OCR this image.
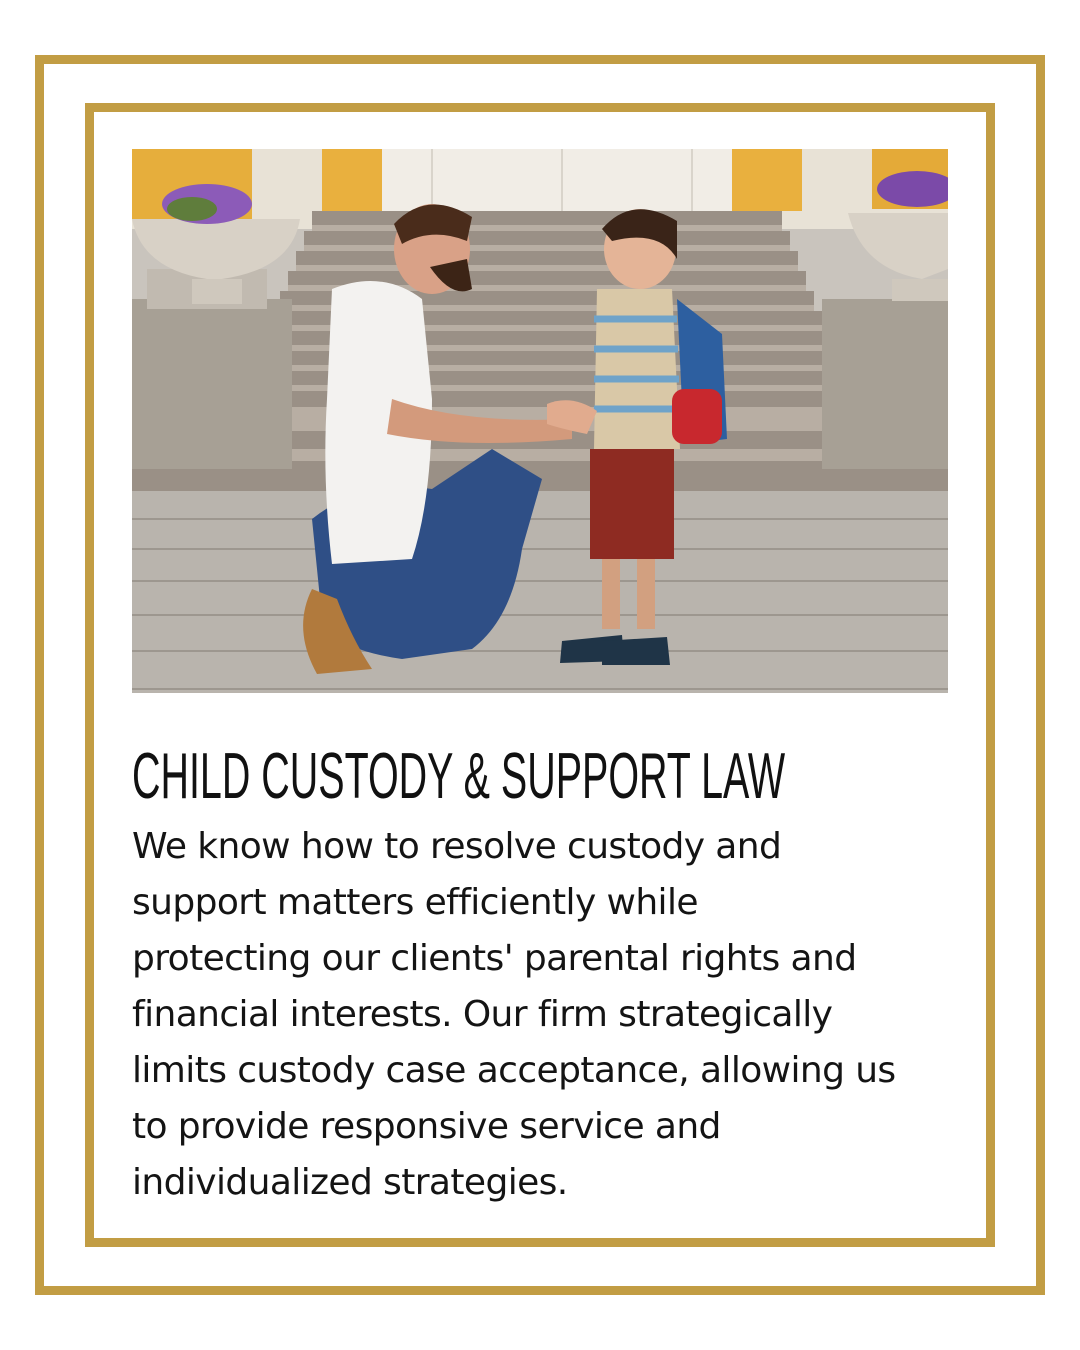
CHILD CUSTODY & SUPPORT LAW
We know how to resolve custody and
support matters efficiently while
protecting our clients' parental rights and
financial interests. Our firm strategically
limits custody case acceptance, allowing us
to provide responsive service and
individualized strategies.
